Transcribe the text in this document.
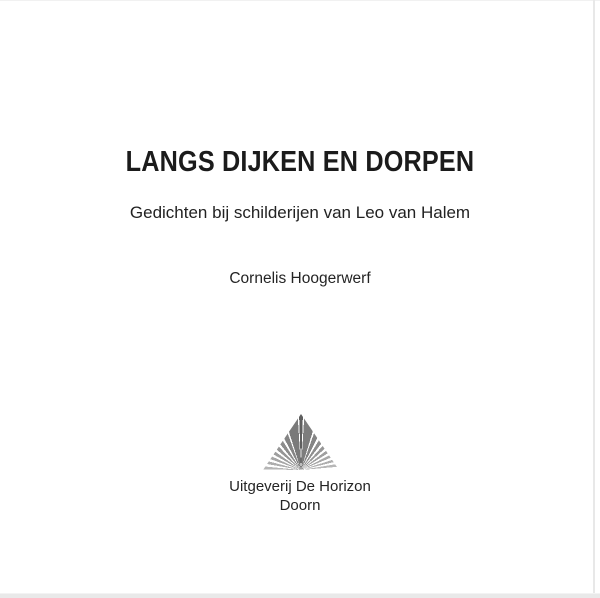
LANGS DIJKEN EN DORPEN
Gedichten bij schilderijen van Leo van Halem
Cornelis Hoogerwerf
Uitgeverij De Horizon
Doorn
